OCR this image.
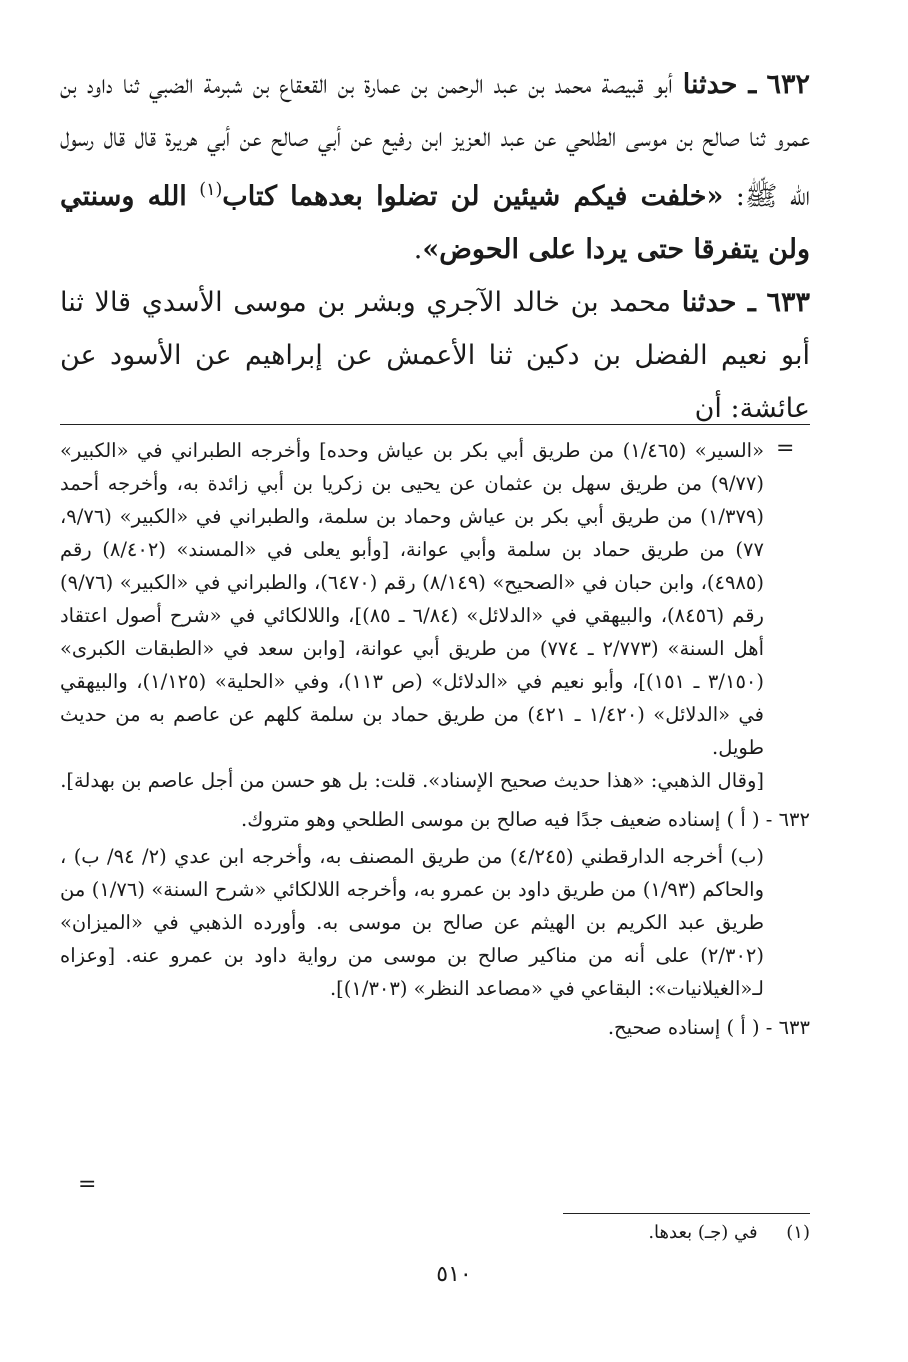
٦٣٢ ـ حدثنا أبو قبيصة محمد بن عبد الرحمن بن عمارة بن القعقاع بن شبرمة الضبي ثنا داود بن عمرو ثنا صالح بن موسى الطلحي عن عبد العزيز ابن رفيع عن أبي صالح عن أبي هريرة قال قال رسول الله ﷺ: «خلفت فيكم شيئين لن تضلوا بعدهما كتاب$^{(١)}$ الله وسنتي ولن يتفرقا حتى يردا على الحوض».

٦٣٣ ـ حدثنا محمد بن خالد الآجري وبشر بن موسى الأسدي قالا ثنا أبو نعيم الفضل بن دكين ثنا الأعمش عن إبراهيم عن الأسود عن عائشة: أن

=

«السير» (١/٤٦٥) من طريق أبي بكر بن عياش وحده] وأخرجه الطبراني في «الكبير» (٩/٧٧) من طريق سهل بن عثمان عن يحيى بن زكريا بن أبي زائدة به، وأخرجه أحمد (١/٣٧٩) من طريق أبي بكر بن عياش وحماد بن سلمة، والطبراني في «الكبير» (٩/٧٦، ٧٧) من طريق حماد بن سلمة وأبي عوانة، [وأبو يعلى في «المسند» (٨/٤٠٢) رقم (٤٩٨٥)، وابن حبان في «الصحيح» (٨/١٤٩) رقم (٦٤٧٠)، والطبراني في «الكبير» (٩/٧٦) رقم (٨٤٥٦)، والبيهقي في «الدلائل» (٦/٨٤ ـ ٨٥)]، واللالكائي في «شرح أصول اعتقاد أهل السنة» (٢/٧٧٣ ـ ٧٧٤) من طريق أبي عوانة، [وابن سعد في «الطبقات الكبرى» (٣/١٥٠ ـ ١٥١)]، وأبو نعيم في «الدلائل» (ص ١١٣)، وفي «الحلية» (١/١٢٥)، والبيهقي في «الدلائل» (١/٤٢٠ ـ ٤٢١) من طريق حماد بن سلمة كلهم عن عاصم به من حديث طويل.

[وقال الذهبي: «هذا حديث صحيح الإسناد». قلت: بل هو حسن من أجل عاصم بن بهدلة].

٦٣٢ - ( أ ) إسناده ضعيف جدًا فيه صالح بن موسى الطلحي وهو متروك.

(ب) أخرجه الدارقطني (٤/٢٤٥) من طريق المصنف به، وأخرجه ابن عدي (٢/ ٩٤/ ب) ، والحاكم (١/٩٣) من طريق داود بن عمرو به، وأخرجه اللالكائي «شرح السنة» (١/٧٦) من طريق عبد الكريم بن الهيثم عن صالح بن موسى به. وأورده الذهبي في «الميزان» (٢/٣٠٢) على أنه من مناكير صالح بن موسى من رواية داود بن عمرو عنه. [وعزاه لـ«الغيلانيات»: البقاعي في «مصاعد النظر» (١/٣٠٣)].

٦٣٣ - ( أ ) إسناده صحيح.

=
(١)     في (جـ) بعدها.
٥١٠
